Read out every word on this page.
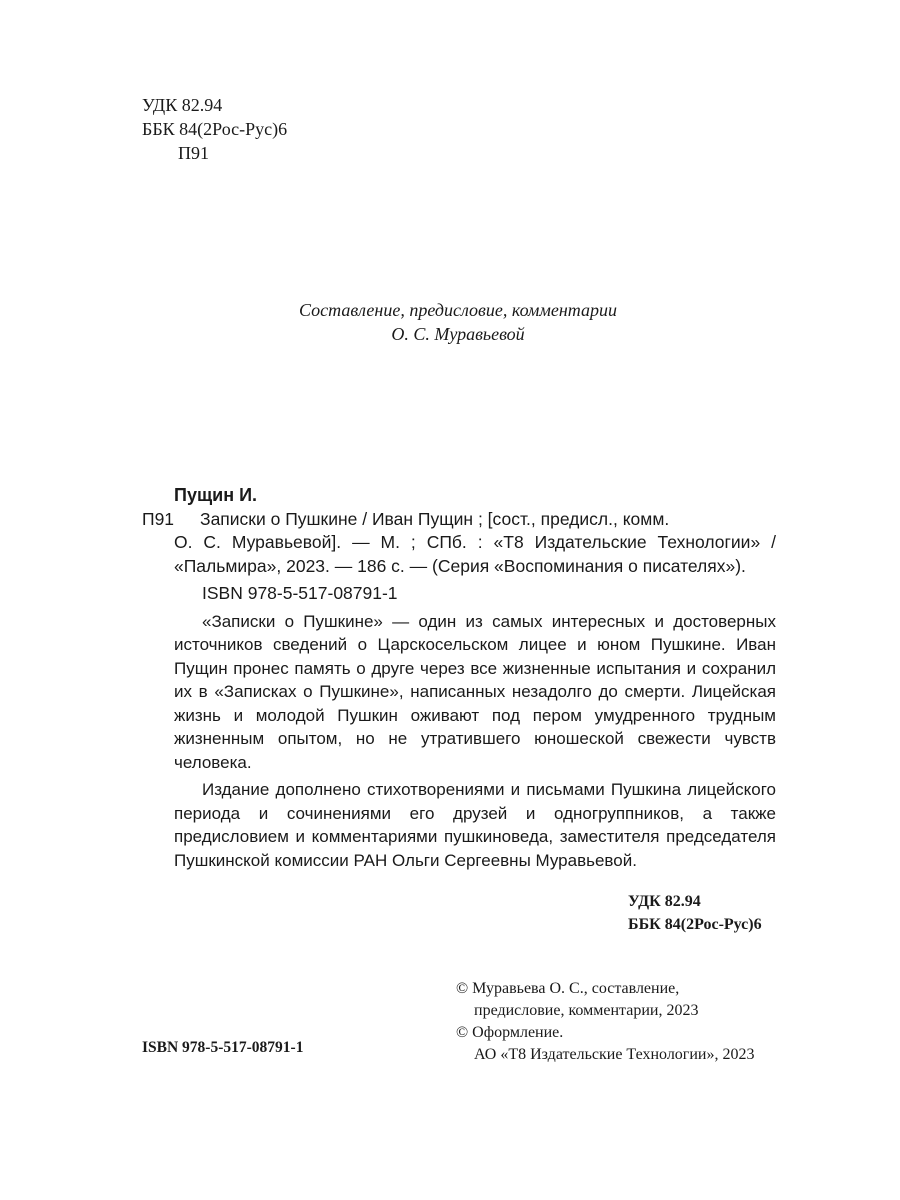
УДК 82.94
ББК 84(2Рос-Рус)6
П91
Составление, предисловие, комментарии
О. С. Муравьевой
Пущин И.
П91	Записки о Пушкине / Иван Пущин ; [сост., предисл., комм.
О. С. Муравьевой]. — М. ; СПб. : «Т8 Издательские Технологии» / «Пальмира», 2023. — 186 с. — (Серия «Воспоминания о писателях»).
ISBN 978-5-517-08791-1
«Записки о Пушкине» — один из самых интересных и достоверных источников сведений о Царскосельском лицее и юном Пушкине. Иван Пущин пронес память о друге через все жизненные испытания и сохранил их в «Записках о Пушкине», написанных незадолго до смерти. Лицейская жизнь и молодой Пушкин оживают под пером умудренного трудным жизненным опытом, но не утратившего юношеской свежести чувств человека.
Издание дополнено стихотворениями и письмами Пушкина лицейского периода и сочинениями его друзей и одногруппников, а также предисловием и комментариями пушкиноведа, заместителя председателя Пушкинской комиссии РАН Ольги Сергеевны Муравьевой.
УДК 82.94
ББК 84(2Рос-Рус)6
© Муравьева О. С., составление,
предисловие, комментарии, 2023
© Оформление.
АО «Т8 Издательские Технологии», 2023
ISBN 978-5-517-08791-1
